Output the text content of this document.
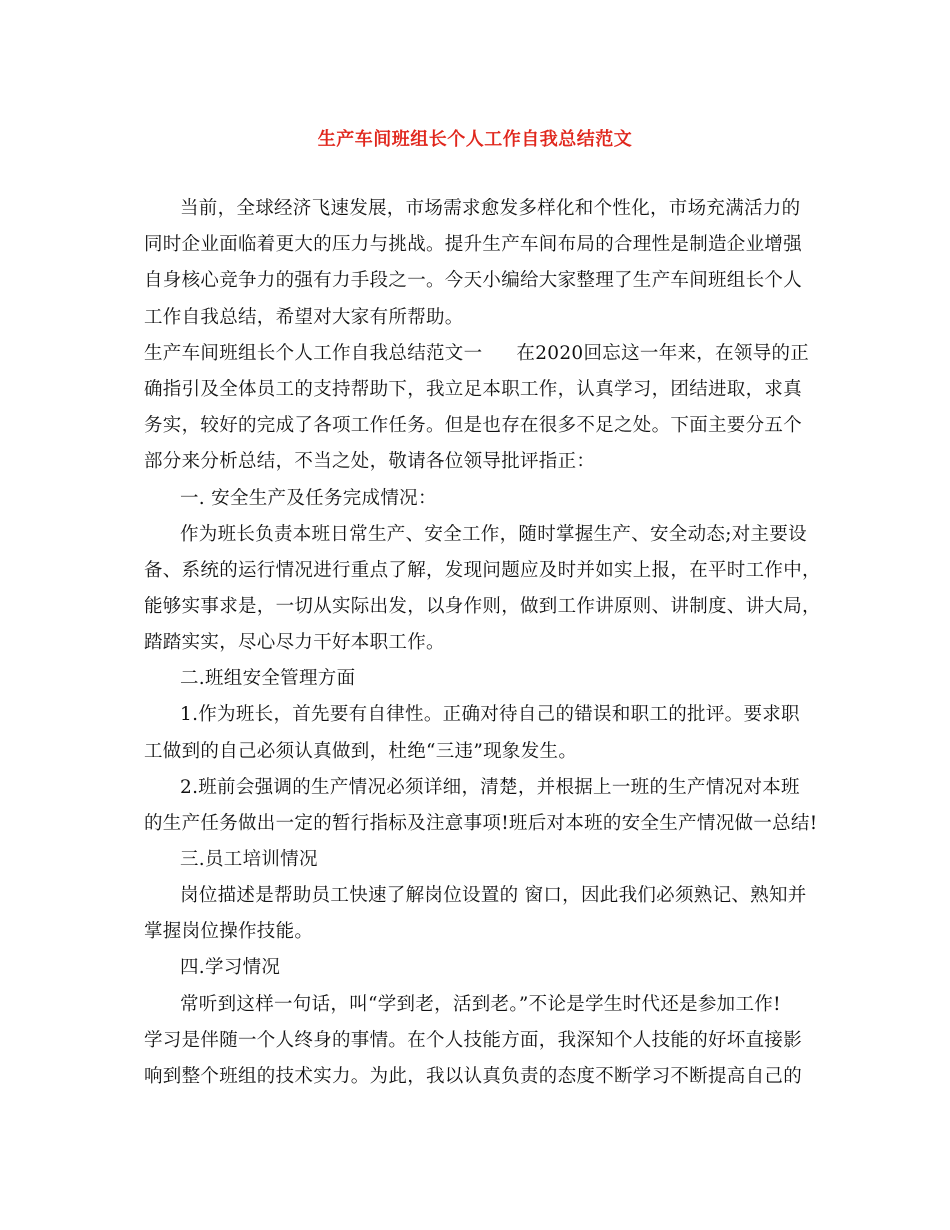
生产车间班组长个人工作自我总结范文
当前，全球经济飞速发展，市场需求愈发多样化和个性化，市场充满活力的
同时企业面临着更大的压力与挑战。提升生产车间布局的合理性是制造企业增强
自身核心竞争力的强有力手段之一。今天小编给大家整理了生产车间班组长个人
工作自我总结，希望对大家有所帮助。
生产车间班组长个人工作自我总结范文一 在2020回忘这一年来，在领导的正
确指引及全体员工的支持帮助下，我立足本职工作，认真学习，团结进取，求真
务实，较好的完成了各项工作任务。但是也存在很多不足之处。下面主要分五个
部分来分析总结，不当之处，敬请各位领导批评指正：
一. 安全生产及任务完成情况：
作为班长负责本班日常生产、安全工作，随时掌握生产、安全动态;对主要设
备、系统的运行情况进行重点了解，发现问题应及时并如实上报，在平时工作中，
能够实事求是，一切从实际出发，以身作则，做到工作讲原则、讲制度、讲大局，
踏踏实实，尽心尽力干好本职工作。
二.班组安全管理方面
1.作为班长，首先要有自律性。正确对待自己的错误和职工的批评。要求职
工做到的自己必须认真做到，杜绝“三违”现象发生。
2.班前会强调的生产情况必须详细，清楚，并根据上一班的生产情况对本班
的生产任务做出一定的暂行指标及注意事项!班后对本班的安全生产情况做一总结!
三.员工培训情况
岗位描述是帮助员工快速了解岗位设置的 窗口，因此我们必须熟记、熟知并
掌握岗位操作技能。
四.学习情况
常听到这样一句话，叫“学到老，活到老。”不论是学生时代还是参加工作!
学习是伴随一个人终身的事情。在个人技能方面，我深知个人技能的好坏直接影
响到整个班组的技术实力。为此，我以认真负责的态度不断学习不断提高自己的
